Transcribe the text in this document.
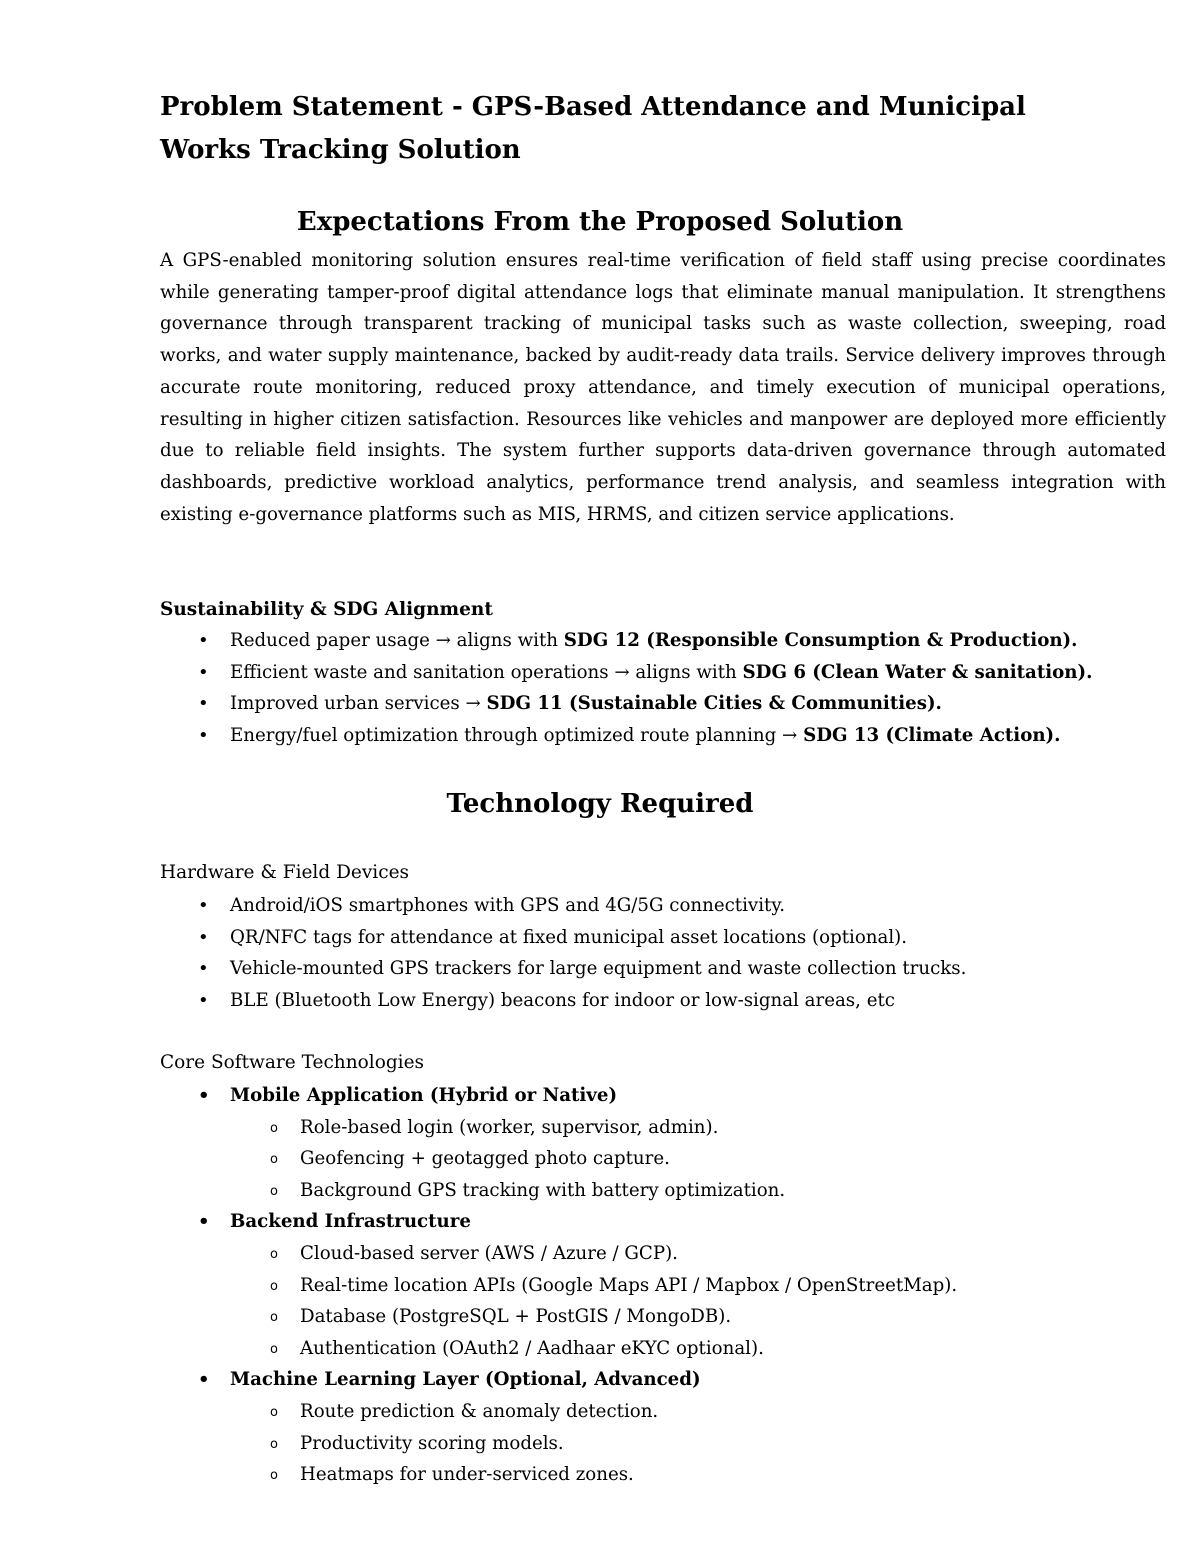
Problem Statement - GPS-Based Attendance and Municipal Works Tracking Solution
Expectations From the Proposed Solution

A GPS-enabled monitoring solution ensures real-time verification of field staff using precise coordinates while generating tamper-proof digital attendance logs that eliminate manual manipulation. It strengthens governance through transparent tracking of municipal tasks such as waste collection, sweeping, road works, and water supply maintenance, backed by audit-ready data trails. Service delivery improves through accurate route monitoring, reduced proxy attendance, and timely execution of municipal operations, resulting in higher citizen satisfaction. Resources like vehicles and manpower are deployed more efficiently due to reliable field insights. The system further supports data-driven governance through automated dashboards, predictive workload analytics, performance trend analysis, and seamless integration with existing e-governance platforms such as MIS, HRMS, and citizen service applications.

Sustainability & SDG Alignment
• Reduced paper usage → aligns with SDG 12 (Responsible Consumption & Production).
• Efficient waste and sanitation operations → aligns with SDG 6 (Clean Water & sanitation).
• Improved urban services → SDG 11 (Sustainable Cities & Communities).
• Energy/fuel optimization through optimized route planning → SDG 13 (Climate Action).
Technology Required
Hardware & Field Devices
• Android/iOS smartphones with GPS and 4G/5G connectivity.
• QR/NFC tags for attendance at fixed municipal asset locations (optional).
• Vehicle-mounted GPS trackers for large equipment and waste collection trucks.
• BLE (Bluetooth Low Energy) beacons for indoor or low-signal areas, etc
Core Software Technologies
• Mobile Application (Hybrid or Native)
o Role-based login (worker, supervisor, admin).
o Geofencing + geotagged photo capture.
o Background GPS tracking with battery optimization.
• Backend Infrastructure
o Cloud-based server (AWS / Azure / GCP).
o Real-time location APIs (Google Maps API / Mapbox / OpenStreetMap).
o Database (PostgreSQL + PostGIS / MongoDB).
o Authentication (OAuth2 / Aadhaar eKYC optional).
• Machine Learning Layer (Optional, Advanced)
o Route prediction & anomaly detection.
o Productivity scoring models.
o Heatmaps for under-serviced zones.
